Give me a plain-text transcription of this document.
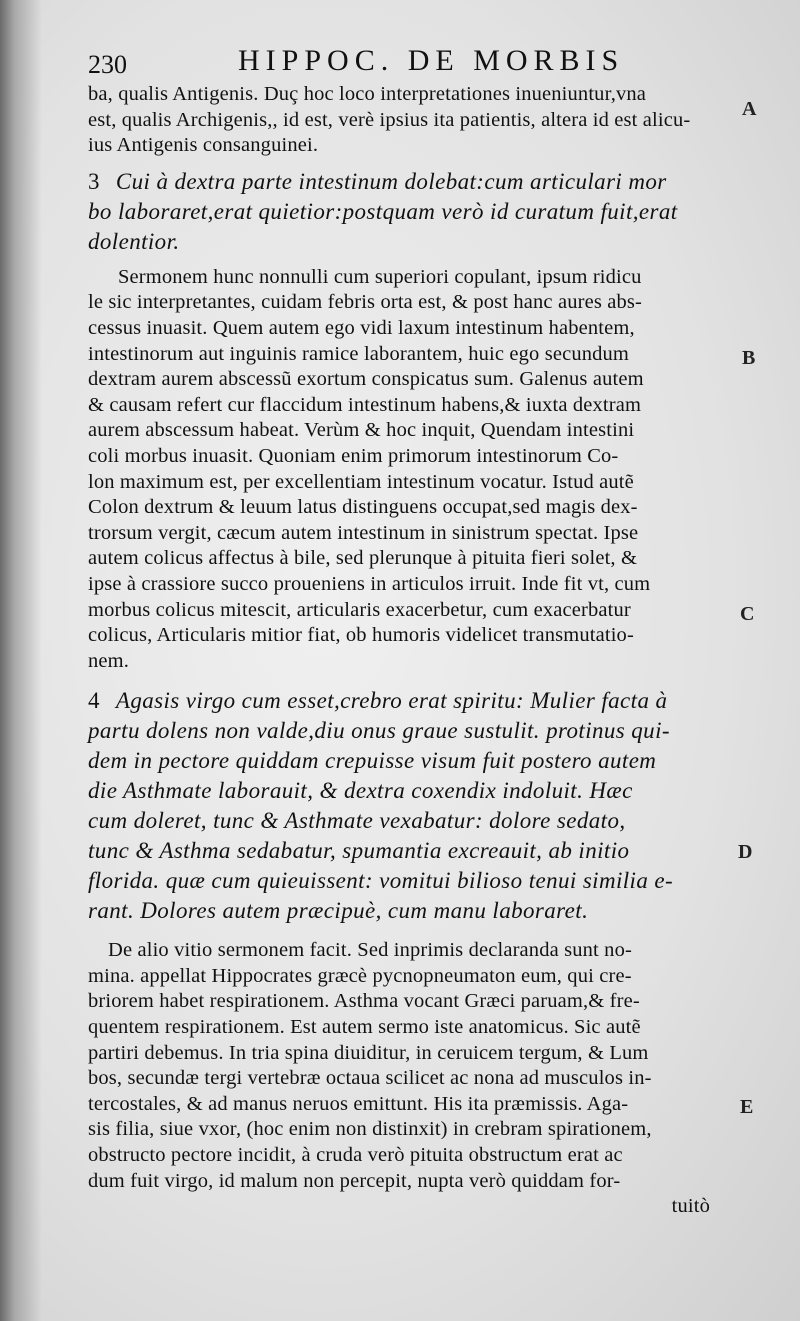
230	HIPPOC. DE MORBIS
ba, qualis Antigenis. Duç hoc loco interpretationes inueniuntur,vna
est, qualis Archigenis,, id est, verè ipsius ita patientis, altera id est alicu-
ius Antigenis consanguinei.
3 Cui à dextra parte intestinum dolebat:cum articulari mor
bo laboraret,erat quietior:postquam verò id curatum fuit,erat
dolentior.
Sermonem hunc nonnulli cum superiori copulant, ipsum ridicu
le sic interpretantes, cuidam febris orta est, & post hanc aures abs-
cessus inuasit. Quem autem ego vidi laxum intestinum habentem,
intestinorum aut inguinis ramice laborantem, huic ego secundum
dextram aurem abscessũ exortum conspicatus sum. Galenus autem
& causam refert cur flaccidum intestinum habens,& iuxta dextram
aurem abscessum habeat. Verùm & hoc inquit, Quendam intestini
coli morbus inuasit. Quoniam enim primorum intestinorum Co-
lon maximum est, per excellentiam intestinum vocatur. Istud autẽ
Colon dextrum & leuum latus distinguens occupat,sed magis dex-
trorsum vergit, cæcum autem intestinum in sinistrum spectat. Ipse
autem colicus affectus à bile, sed plerunque à pituita fieri solet, &
ipse à crassiore succo proueniens in articulos irruit. Inde fit vt, cum
morbus colicus mitescit, articularis exacerbetur, cum exacerbatur
colicus, Articularis mitior fiat, ob humoris videlicet transmutatio-
nem.
4 Agasis virgo cum esset,crebro erat spiritu: Mulier facta à
partu dolens non valde,diu onus graue sustulit. protinus qui-
dem in pectore quiddam crepuisse visum fuit postero autem
die Asthmate laborauit, & dextra coxendix indoluit. Hæc
cum doleret, tunc & Asthmate vexabatur: dolore sedato,
tunc & Asthma sedabatur, spumantia excreauit, ab initio
florida. quæ cum quieuissent: vomitui bilioso tenui similia e-
rant. Dolores autem præcipuè, cum manu laboraret.
De alio vitio sermonem facit. Sed inprimis declaranda sunt no-
mina. appellat Hippocrates græcè pycnopneumaton eum, qui cre-
briorem habet respirationem. Asthma vocant Græci paruam,& fre-
quentem respirationem. Est autem sermo iste anatomicus. Sic autẽ
partiri debemus. In tria spina diuiditur, in ceruicem tergum, & Lum
bos, secundæ tergi vertebræ octaua scilicet ac nona ad musculos in-
tercostales, & ad manus neruos emittunt. His ita præmissis. Aga-
sis filia, siue vxor, (hoc enim non distinxit) in crebram spirationem,
obstructo pectore incidit, à cruda verò pituita obstructum erat ac
dum fuit virgo, id malum non percepit, nupta verò quiddam for-
tuitò
A
B
C
D
E
